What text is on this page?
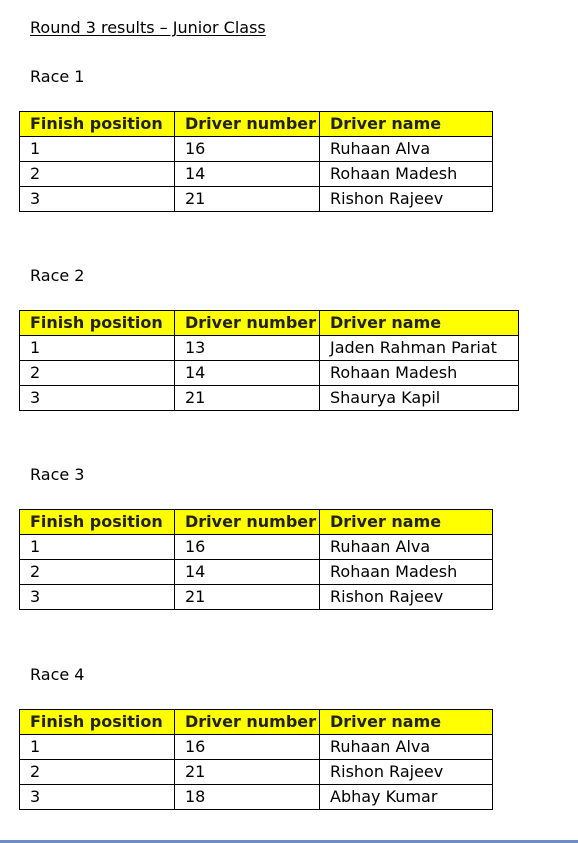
Round 3 results – Junior Class
Race 1
Finish position	Driver number	Driver name
1	16	Ruhaan Alva
2	14	Rohaan Madesh
3	21	Rishon Rajeev
Race 2
Finish position	Driver number	Driver name
1	13	Jaden Rahman Pariat
2	14	Rohaan Madesh
3	21	Shaurya Kapil
Race 3
Finish position	Driver number	Driver name
1	16	Ruhaan Alva
2	14	Rohaan Madesh
3	21	Rishon Rajeev
Race 4
Finish position	Driver number	Driver name
1	16	Ruhaan Alva
2	21	Rishon Rajeev
3	18	Abhay Kumar
